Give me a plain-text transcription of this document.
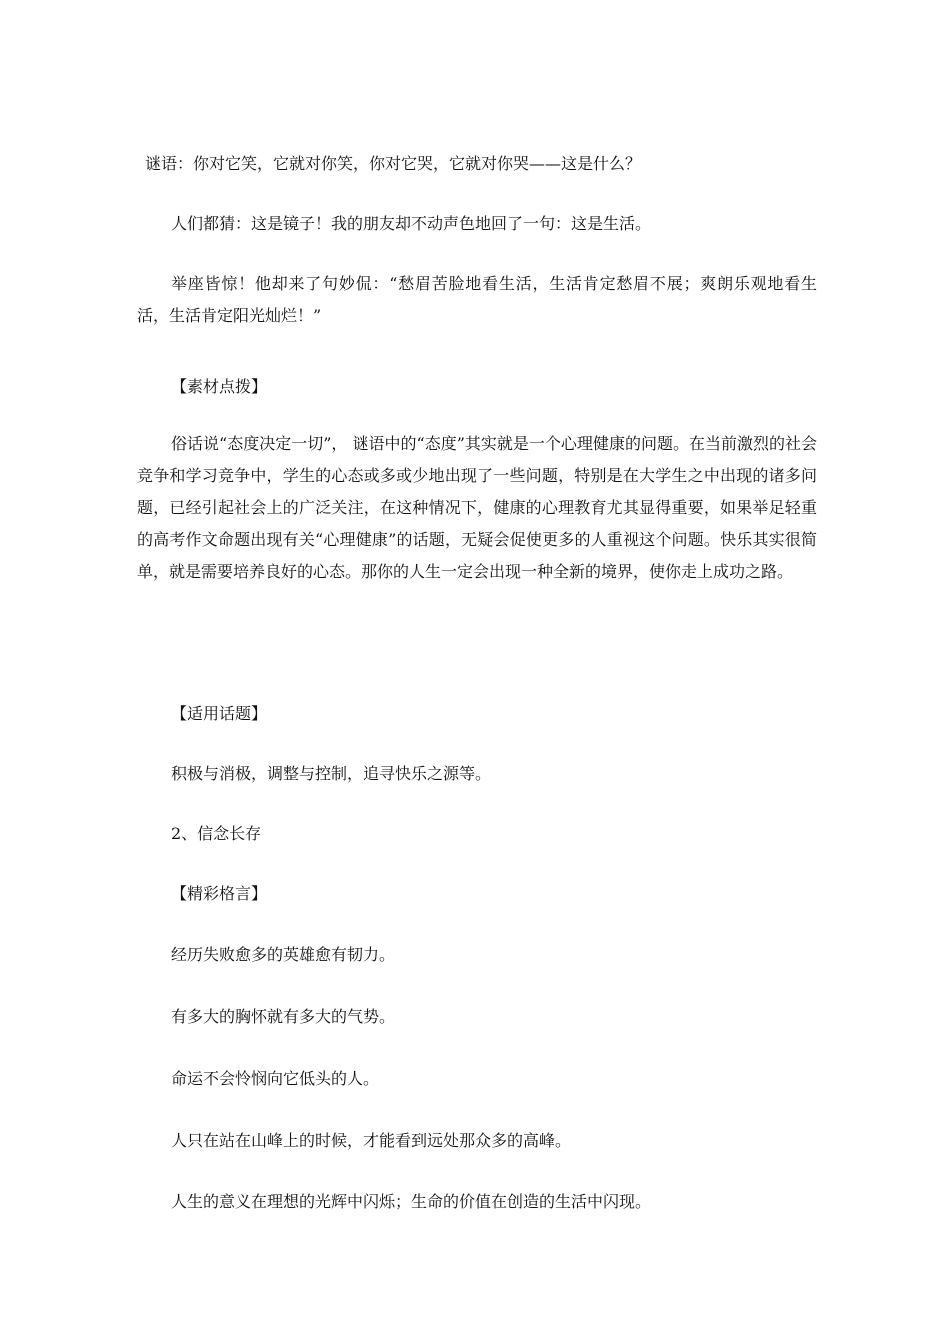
谜语：你对它笑，它就对你笑，你对它哭，它就对你哭——这是什么？
人们都猜：这是镜子！我的朋友却不动声色地回了一句：这是生活。
举座皆惊！他却来了句妙侃：“愁眉苦脸地看生活，生活肯定愁眉不展；爽朗乐观地看生活，生活肯定阳光灿烂！”
【素材点拨】
俗话说“态度决定一切”， 谜语中的“态度”其实就是一个心理健康的问题。在当前激烈的社会竞争和学习竞争中，学生的心态或多或少地出现了一些问题，特别是在大学生之中出现的诸多问题，已经引起社会上的广泛关注，在这种情况下，健康的心理教育尤其显得重要，如果举足轻重的高考作文命题出现有关“心理健康”的话题，无疑会促使更多的人重视这个问题。快乐其实很简单，就是需要培养良好的心态。那你的人生一定会出现一种全新的境界，使你走上成功之路。
【适用话题】
积极与消极，调整与控制，追寻快乐之源等。
2、信念长存
【精彩格言】
经历失败愈多的英雄愈有韧力。
有多大的胸怀就有多大的气势。
命运不会怜悯向它低头的人。
人只在站在山峰上的时候，才能看到远处那众多的高峰。
人生的意义在理想的光辉中闪烁；生命的价值在创造的生活中闪现。
